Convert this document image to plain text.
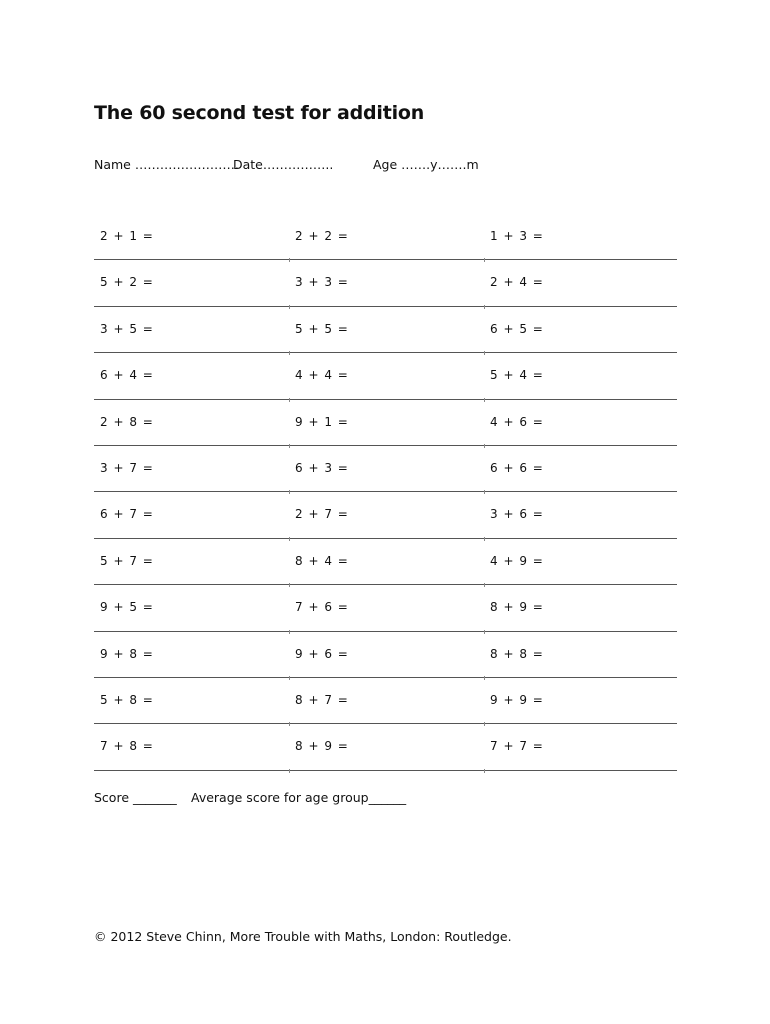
The 60 second test for addition
Name …………………….
Date……………..	Age …….y…….m
2 + 1 =	2 + 2 =	1 + 3 =
5 + 2 =	3 + 3 =	2 + 4 =
3 + 5 =	5 + 5 =	6 + 5 =
6 + 4 =	4 + 4 =	5 + 4 =
2 + 8 =	9 + 1 =	4 + 6 =
3 + 7 =	6 + 3 =	6 + 6 =
6 + 7 =	2 + 7 =	3 + 6 =
5 + 7 =	8 + 4 =	4 + 9 =
9 + 5 =	7 + 6 =	8 + 9 =
9 + 8 =	9 + 6 =	8 + 8 =
5 + 8 =	8 + 7 =	9 + 9 =
7 + 8 =	8 + 9 =	7 + 7 =
Score _______ Average score for age group______
© 2012 Steve Chinn, More Trouble with Maths, London: Routledge.
